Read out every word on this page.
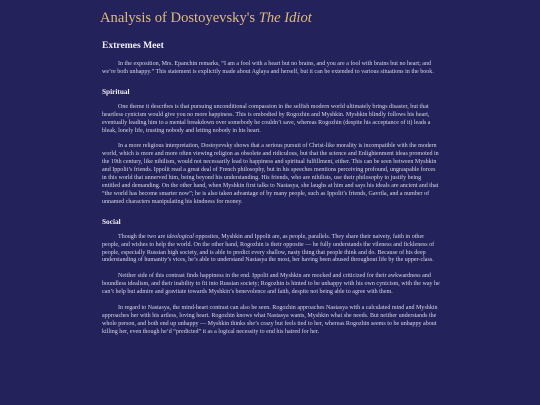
Analysis of Dostoyevsky's The Idiot
Extremes Meet

In the exposition, Mrs. Epanchin remarks, “I am a fool with a heart but no brains, and you are a fool with brains but no heart; and we’re both unhappy.” This statement is explicitly made about Aglaya and herself, but it can be extended to various situations in the book.

Spiritual

One theme it describes is that pursuing unconditional compassion in the selfish modern world ultimately brings disaster, but that heartless cynicism would give you no more happiness. This is embodied by Rogozhin and Myshkin. Myshkin blindly follows his heart, eventually leading him to a mental breakdown over somebody he couldn’t save, whereas Rogozhin (despite his acceptance of it) leads a bleak, lonely life, trusting nobody and letting nobody in his heart.

In a more religious interpretation, Dostoyevsky shows that a serious pursuit of Christ-like morality is incompatible with the modern world, which is more and more often viewing religion as obsolete and ridiculous, but that the science and Enlightenment ideas promoted in the 19th century, like nihilism, would not necessarily lead to happiness and spiritual fulfillment, either. This can be seen between Myshkin and Ippolit’s friends. Ippolit read a great deal of French philosophy, but in his speeches mentions perceiving profound, ungraspable forces in this world that unnerved him, being beyond his understanding. His friends, who are nihilists, use their philosophy to justify being entitled and demanding. On the other hand, when Myshkin first talks to Nastasya, she laughs at him and says his ideals are ancient and that “the world has become smarter now”; he is also taken advantage of by many people, such as Ippolit’s friends, Gavrila, and a number of unnamed characters manipulating his kindness for money.

Social

Though the two are ideological opposites, Myshkin and Ippolit are, as people, parallels. They share their naivety, faith in other people, and wishes to help the world. On the other hand, Rogozhin is their opposite — he fully understands the vileness and fickleness of people, especially Russian high society, and is able to predict every shallow, nasty thing that people think and do. Because of his deep understanding of humanity’s vices, he’s able to understand Nastasya the most, her having been abused throughout life by the upper-class.

Neither side of this contrast finds happiness in the end. Ippolit and Myshkin are mocked and criticized for their awkwardness and boundless idealism, and their inability to fit into Russian society; Rogozhin is hinted to be unhappy with his own cynicism, with the way he can’t help but admire and gravitate towards Myshkin’s benevolence and faith, despite not being able to agree with them.

In regard to Nastasya, the mind-heart contrast can also be seen. Rogozhin approaches Nastasya with a calculated mind and Myshkin approaches her with his artless, loving heart. Rogozhin knows what Nastasya wants, Myshkin what she needs. But neither understands the whole person, and both end up unhappy — Myshkin thinks she’s crazy but feels tied to her, whereas Rogozhin seems to be unhappy about killing her, even though he’d “predicted” it as a logical necessity to end his hatred for her.
